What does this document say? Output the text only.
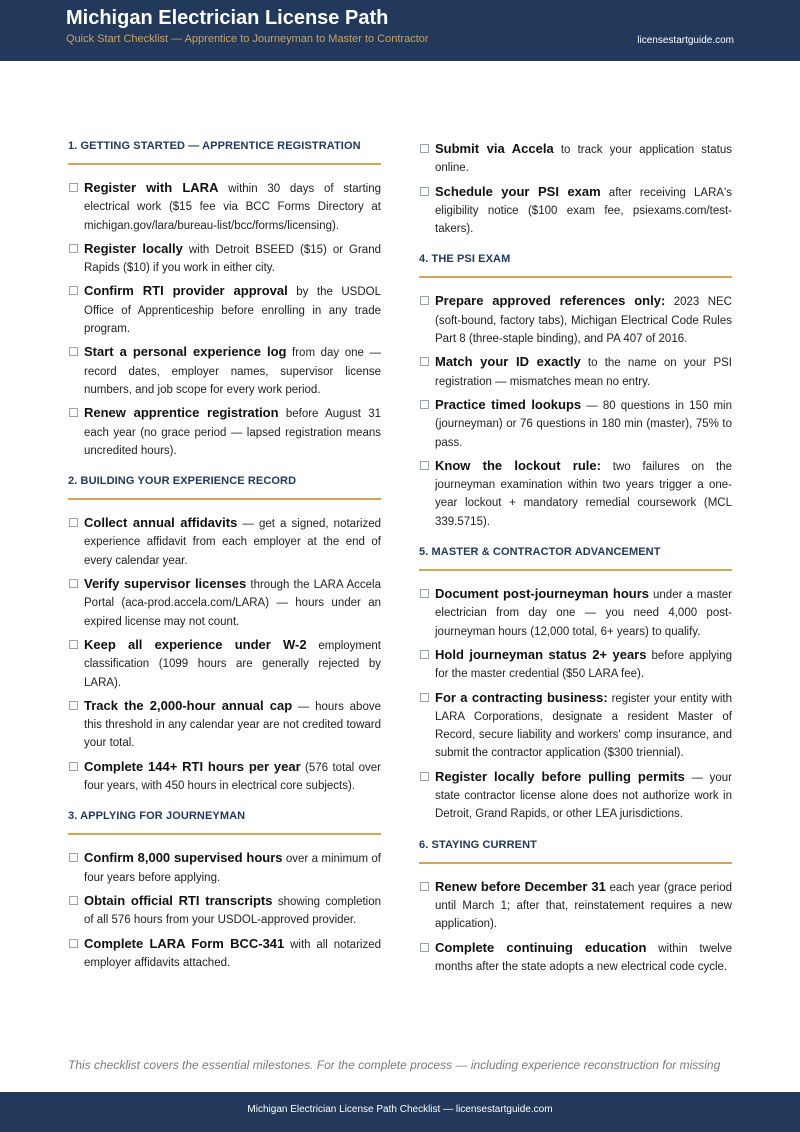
Michigan Electrician License Path
Quick Start Checklist — Apprentice to Journeyman to Master to Contractor	licensestartguide.com
1. GETTING STARTED — APPRENTICE REGISTRATION
Register with LARA within 30 days of starting electrical work ($15 fee via BCC Forms Directory at michigan.gov/lara/bureau-list/bcc/forms/licensing).
Register locally with Detroit BSEED ($15) or Grand Rapids ($10) if you work in either city.
Confirm RTI provider approval by the USDOL Office of Apprenticeship before enrolling in any trade program.
Start a personal experience log from day one — record dates, employer names, supervisor license numbers, and job scope for every work period.
Renew apprentice registration before August 31 each year (no grace period — lapsed registration means uncredited hours).
2. BUILDING YOUR EXPERIENCE RECORD
Collect annual affidavits — get a signed, notarized experience affidavit from each employer at the end of every calendar year.
Verify supervisor licenses through the LARA Accela Portal (aca-prod.accela.com/LARA) — hours under an expired license may not count.
Keep all experience under W-2 employment classification (1099 hours are generally rejected by LARA).
Track the 2,000-hour annual cap — hours above this threshold in any calendar year are not credited toward your total.
Complete 144+ RTI hours per year (576 total over four years, with 450 hours in electrical core subjects).
3. APPLYING FOR JOURNEYMAN
Confirm 8,000 supervised hours over a minimum of four years before applying.
Obtain official RTI transcripts showing completion of all 576 hours from your USDOL-approved provider.
Complete LARA Form BCC-341 with all notarized employer affidavits attached.
Submit via Accela to track your application status online.
Schedule your PSI exam after receiving LARA's eligibility notice ($100 exam fee, psiexams.com/test-takers).
4. THE PSI EXAM
Prepare approved references only: 2023 NEC (soft-bound, factory tabs), Michigan Electrical Code Rules Part 8 (three-staple binding), and PA 407 of 2016.
Match your ID exactly to the name on your PSI registration — mismatches mean no entry.
Practice timed lookups — 80 questions in 150 min (journeyman) or 76 questions in 180 min (master), 75% to pass.
Know the lockout rule: two failures on the journeyman examination within two years trigger a one-year lockout + mandatory remedial coursework (MCL 339.5715).
5. MASTER & CONTRACTOR ADVANCEMENT
Document post-journeyman hours under a master electrician from day one — you need 4,000 post-journeyman hours (12,000 total, 6+ years) to qualify.
Hold journeyman status 2+ years before applying for the master credential ($50 LARA fee).
For a contracting business: register your entity with LARA Corporations, designate a resident Master of Record, secure liability and workers' comp insurance, and submit the contractor application ($300 triennial).
Register locally before pulling permits — your state contractor license alone does not authorize work in Detroit, Grand Rapids, or other LEA jurisdictions.
6. STAYING CURRENT
Renew before December 31 each year (grace period until March 1; after that, reinstatement requires a new application).
Complete continuing education within twelve months after the state adopts a new electrical code cycle.
This checklist covers the essential milestones. For the complete process — including experience reconstruction for missing
Michigan Electrician License Path Checklist — licensestartguide.com
